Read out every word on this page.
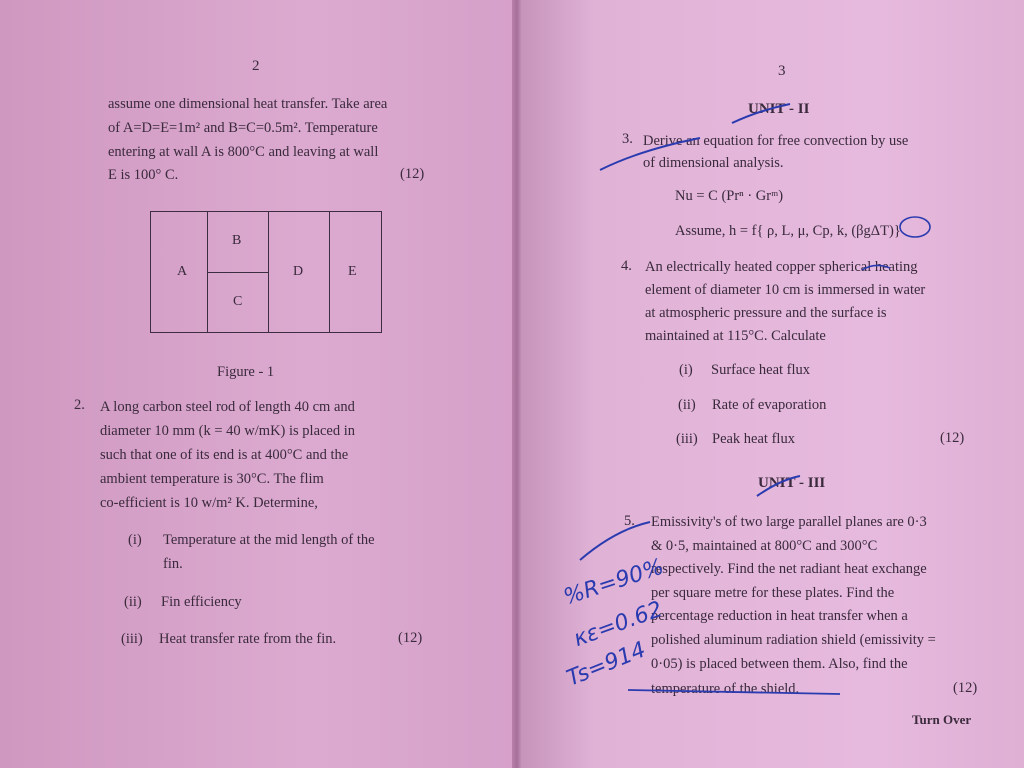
2
assume one dimensional heat transfer. Take area
of A=D=E=1m² and B=C=0.5m². Temperature
entering at wall A is 800°C and leaving at wall
E is 100° C.	(12)
A
B
C
D	E
Figure - 1
2. A long carbon steel rod of length 40 cm and
diameter 10 mm (k = 40 w/mK) is placed in
such that one of its end is at 400°C and the
ambient temperature is 30°C. The flim
co-efficient is 10 w/m² K. Determine,
(i) Temperature at the mid length of the
fin.
(ii) Fin efficiency
(iii) Heat transfer rate from the fin.	(12)
3
UNIT - II
3. Derive an equation for free convection by use
of dimensional analysis.
Nu = C (Prⁿ · Grᵐ)
Assume, h = f{ ρ, L, μ, Cp, k, (βgΔT)}
4. An electrically heated copper spherical heating
element of diameter 10 cm is immersed in water
at atmospheric pressure and the surface is
maintained at 115°C. Calculate
(i) Surface heat flux
(ii) Rate of evaporation
(iii) Peak heat flux	(12)
UNIT - III
5. Emissivity's of two large parallel planes are 0·3
& 0·5, maintained at 800°C and 300°C
respectively. Find the net radiant heat exchange
per square metre for these plates. Find the
percentage reduction in heat transfer when a
polished aluminum radiation shield (emissivity =
0·05) is placed between them. Also, find the
temperature of the shield.	(12)
Turn Over
%R=90%
κε=0.62
Ts=914
